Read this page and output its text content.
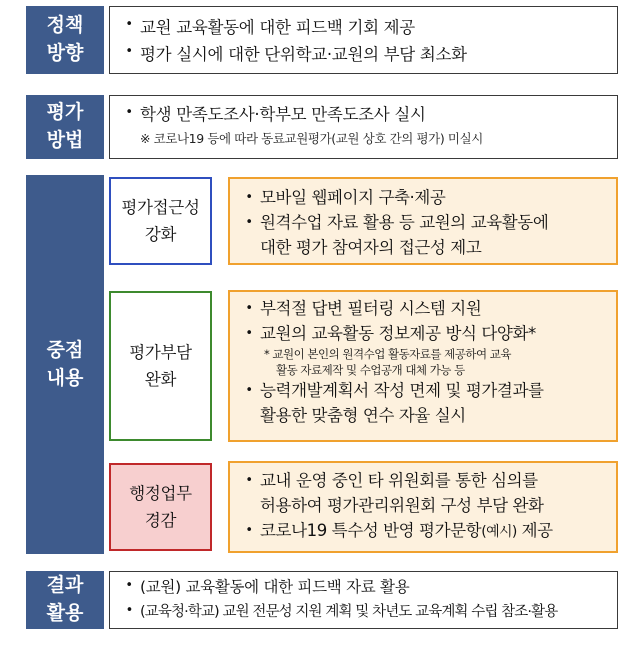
정책
방향
• 교원 교육활동에 대한 피드백 기회 제공
• 평가 실시에 대한 단위학교·교원의 부담 최소화
평가
방법
• 학생 만족도조사·학부모 만족도조사 실시
※ 코로나19 등에 따라 동료교원평가(교원 상호 간의 평가) 미실시
중점
내용
평가접근성
강화
• 모바일 웹페이지 구축·제공
• 원격수업 자료 활용 등 교원의 교육활동에
대한 평가 참여자의 접근성 제고
평가부담
완화
• 부적절 답변 필터링 시스템 지원
• 교원의 교육활동 정보제공 방식 다양화*
* 교원이 본인의 원격수업 활동자료를 제공하여 교육
활동 자료제작 및 수업공개 대체 가능 등
• 능력개발계획서 작성 면제 및 평가결과를
활용한 맞춤형 연수 자율 실시
행정업무
경감
• 교내 운영 중인 타 위원회를 통한 심의를
허용하여 평가관리위원회 구성 부담 완화
• 코로나19 특수성 반영 평가문항(예시) 제공
결과
활용
• (교원) 교육활동에 대한 피드백 자료 활용
• (교육청·학교) 교원 전문성 지원 계획 및 차년도 교육계획 수립 참조·활용
